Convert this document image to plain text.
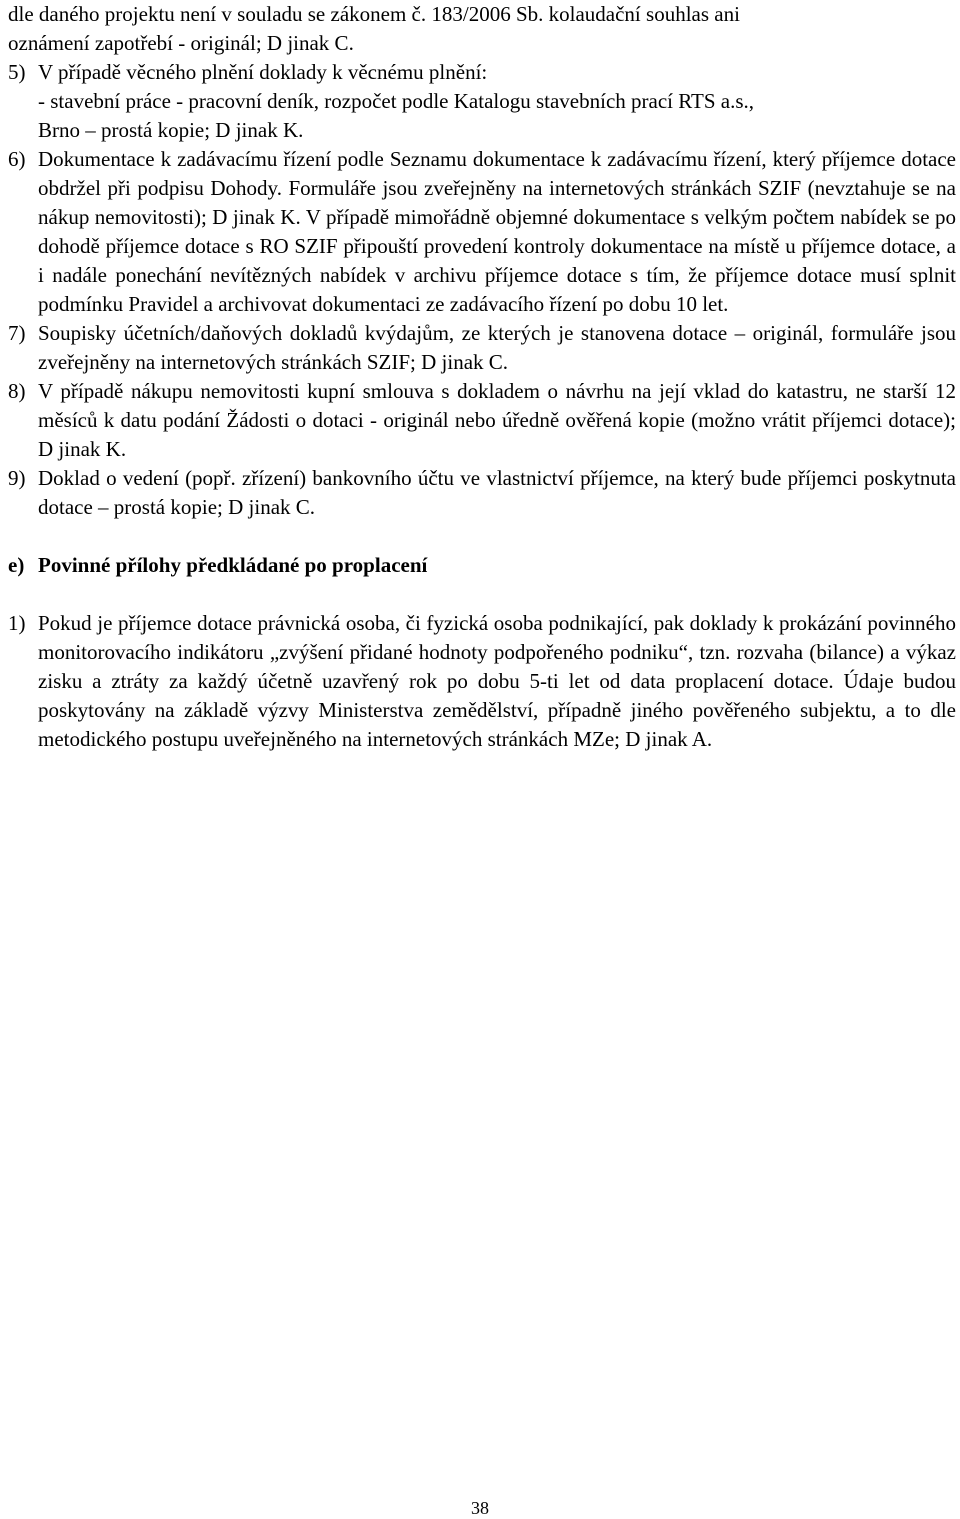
dle daného projektu není v souladu se zákonem č. 183/2006 Sb. kolaudační souhlas ani

oznámení zapotřebí - originál; D jinak C.

5) V případě věcného plnění doklady k věcnému plnění:

- stavební práce - pracovní deník, rozpočet podle Katalogu stavebních prací RTS a.s.,

Brno – prostá kopie; D jinak K.

6) Dokumentace k zadávacímu řízení podle Seznamu dokumentace k zadávacímu řízení, který příjemce dotace obdržel při podpisu Dohody. Formuláře jsou zveřejněny na internetových stránkách SZIF (nevztahuje se na nákup nemovitosti); D jinak K. V případě mimořádně objemné dokumentace s velkým počtem nabídek se po dohodě příjemce dotace s RO SZIF připouští provedení kontroly dokumentace na místě u příjemce dotace, a i nadále ponechání nevítězných nabídek v archivu příjemce dotace s tím, že příjemce dotace musí splnit podmínku Pravidel a archivovat dokumentaci ze zadávacího řízení po dobu 10 let.
7) Soupisky účetních/daňových dokladů kvýdajům, ze kterých je stanovena dotace – originál, formuláře jsou zveřejněny na internetových stránkách SZIF; D jinak C.
8) V případě nákupu nemovitosti kupní smlouva s dokladem o návrhu na její vklad do katastru, ne starší 12 měsíců k datu podání Žádosti o dotaci - originál nebo úředně ověřená kopie (možno vrátit příjemci dotace); D jinak K.
9) Doklad o vedení (popř. zřízení) bankovního účtu ve vlastnictví příjemce, na který bude příjemci poskytnuta dotace – prostá kopie; D jinak C.
e) Povinné přílohy předkládané po proplacení
1) Pokud je příjemce dotace právnická osoba, či fyzická osoba podnikající, pak doklady k prokázání povinného monitorovacího indikátoru „zvýšení přidané hodnoty podpořeného podniku“, tzn. rozvaha (bilance) a výkaz zisku a ztráty za každý účetně uzavřený rok po dobu 5-ti let od data proplacení dotace. Údaje budou poskytovány na základě výzvy Ministerstva zemědělství, případně jiného pověřeného subjektu, a to dle metodického postupu uveřejněného na internetových stránkách MZe; D jinak A.
38
